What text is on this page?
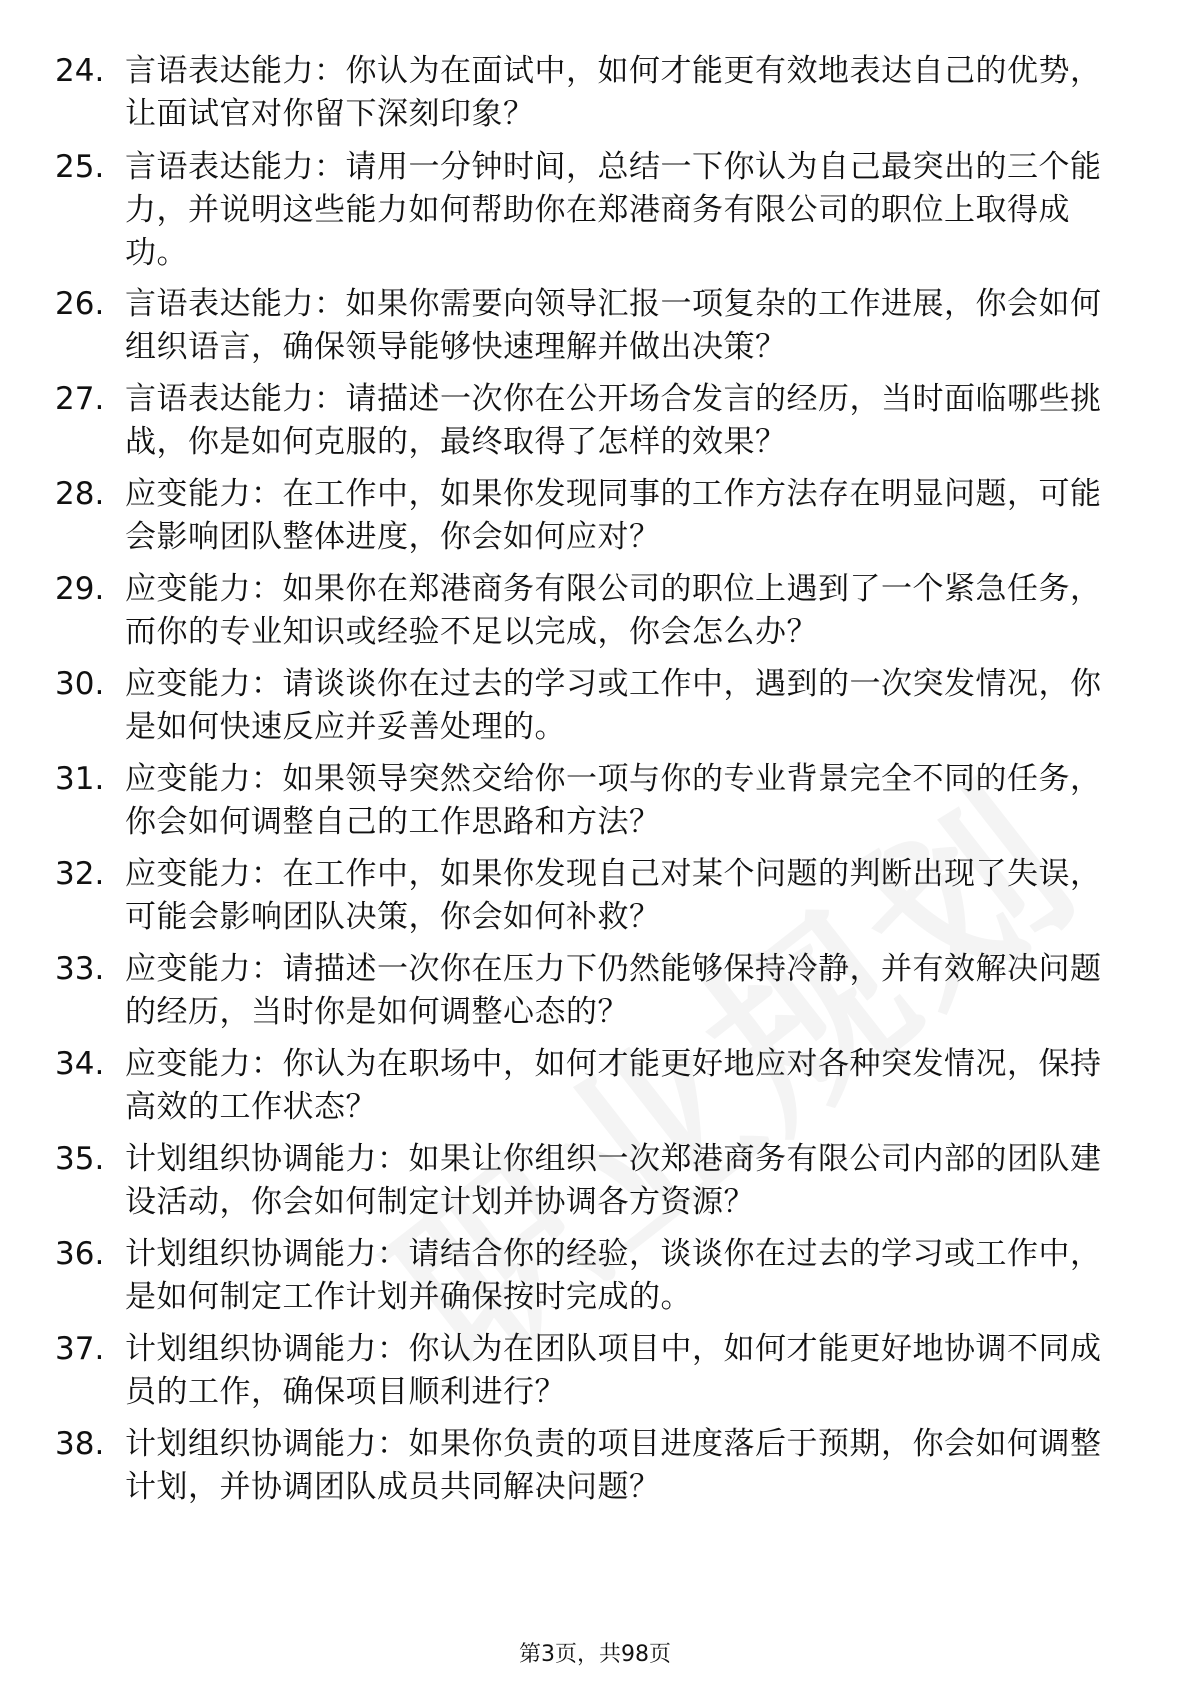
24. 言语表达能力：你认为在面试中，如何才能更有效地表达自己的优势，让面试官对你留下深刻印象？
25. 言语表达能力：请用一分钟时间，总结一下你认为自己最突出的三个能力，并说明这些能力如何帮助你在郑港商务有限公司的职位上取得成功。
26. 言语表达能力：如果你需要向领导汇报一项复杂的工作进展，你会如何组织语言，确保领导能够快速理解并做出决策？
27. 言语表达能力：请描述一次你在公开场合发言的经历，当时面临哪些挑战，你是如何克服的，最终取得了怎样的效果？
28. 应变能力：在工作中，如果你发现同事的工作方法存在明显问题，可能会影响团队整体进度，你会如何应对？
29. 应变能力：如果你在郑港商务有限公司的职位上遇到了一个紧急任务，而你的专业知识或经验不足以完成，你会怎么办？
30. 应变能力：请谈谈你在过去的学习或工作中，遇到的一次突发情况，你是如何快速反应并妥善处理的。
31. 应变能力：如果领导突然交给你一项与你的专业背景完全不同的任务，你会如何调整自己的工作思路和方法？
32. 应变能力：在工作中，如果你发现自己对某个问题的判断出现了失误，可能会影响团队决策，你会如何补救？
33. 应变能力：请描述一次你在压力下仍然能够保持冷静，并有效解决问题的经历，当时你是如何调整心态的？
34. 应变能力：你认为在职场中，如何才能更好地应对各种突发情况，保持高效的工作状态？
35. 计划组织协调能力：如果让你组织一次郑港商务有限公司内部的团队建设活动，你会如何制定计划并协调各方资源？
36. 计划组织协调能力：请结合你的经验，谈谈你在过去的学习或工作中，是如何制定工作计划并确保按时完成的。
37. 计划组织协调能力：你认为在团队项目中，如何才能更好地协调不同成员的工作，确保项目顺利进行？
38. 计划组织协调能力：如果你负责的项目进度落后于预期，你会如何调整计划，并协调团队成员共同解决问题？
第3页，共98页
